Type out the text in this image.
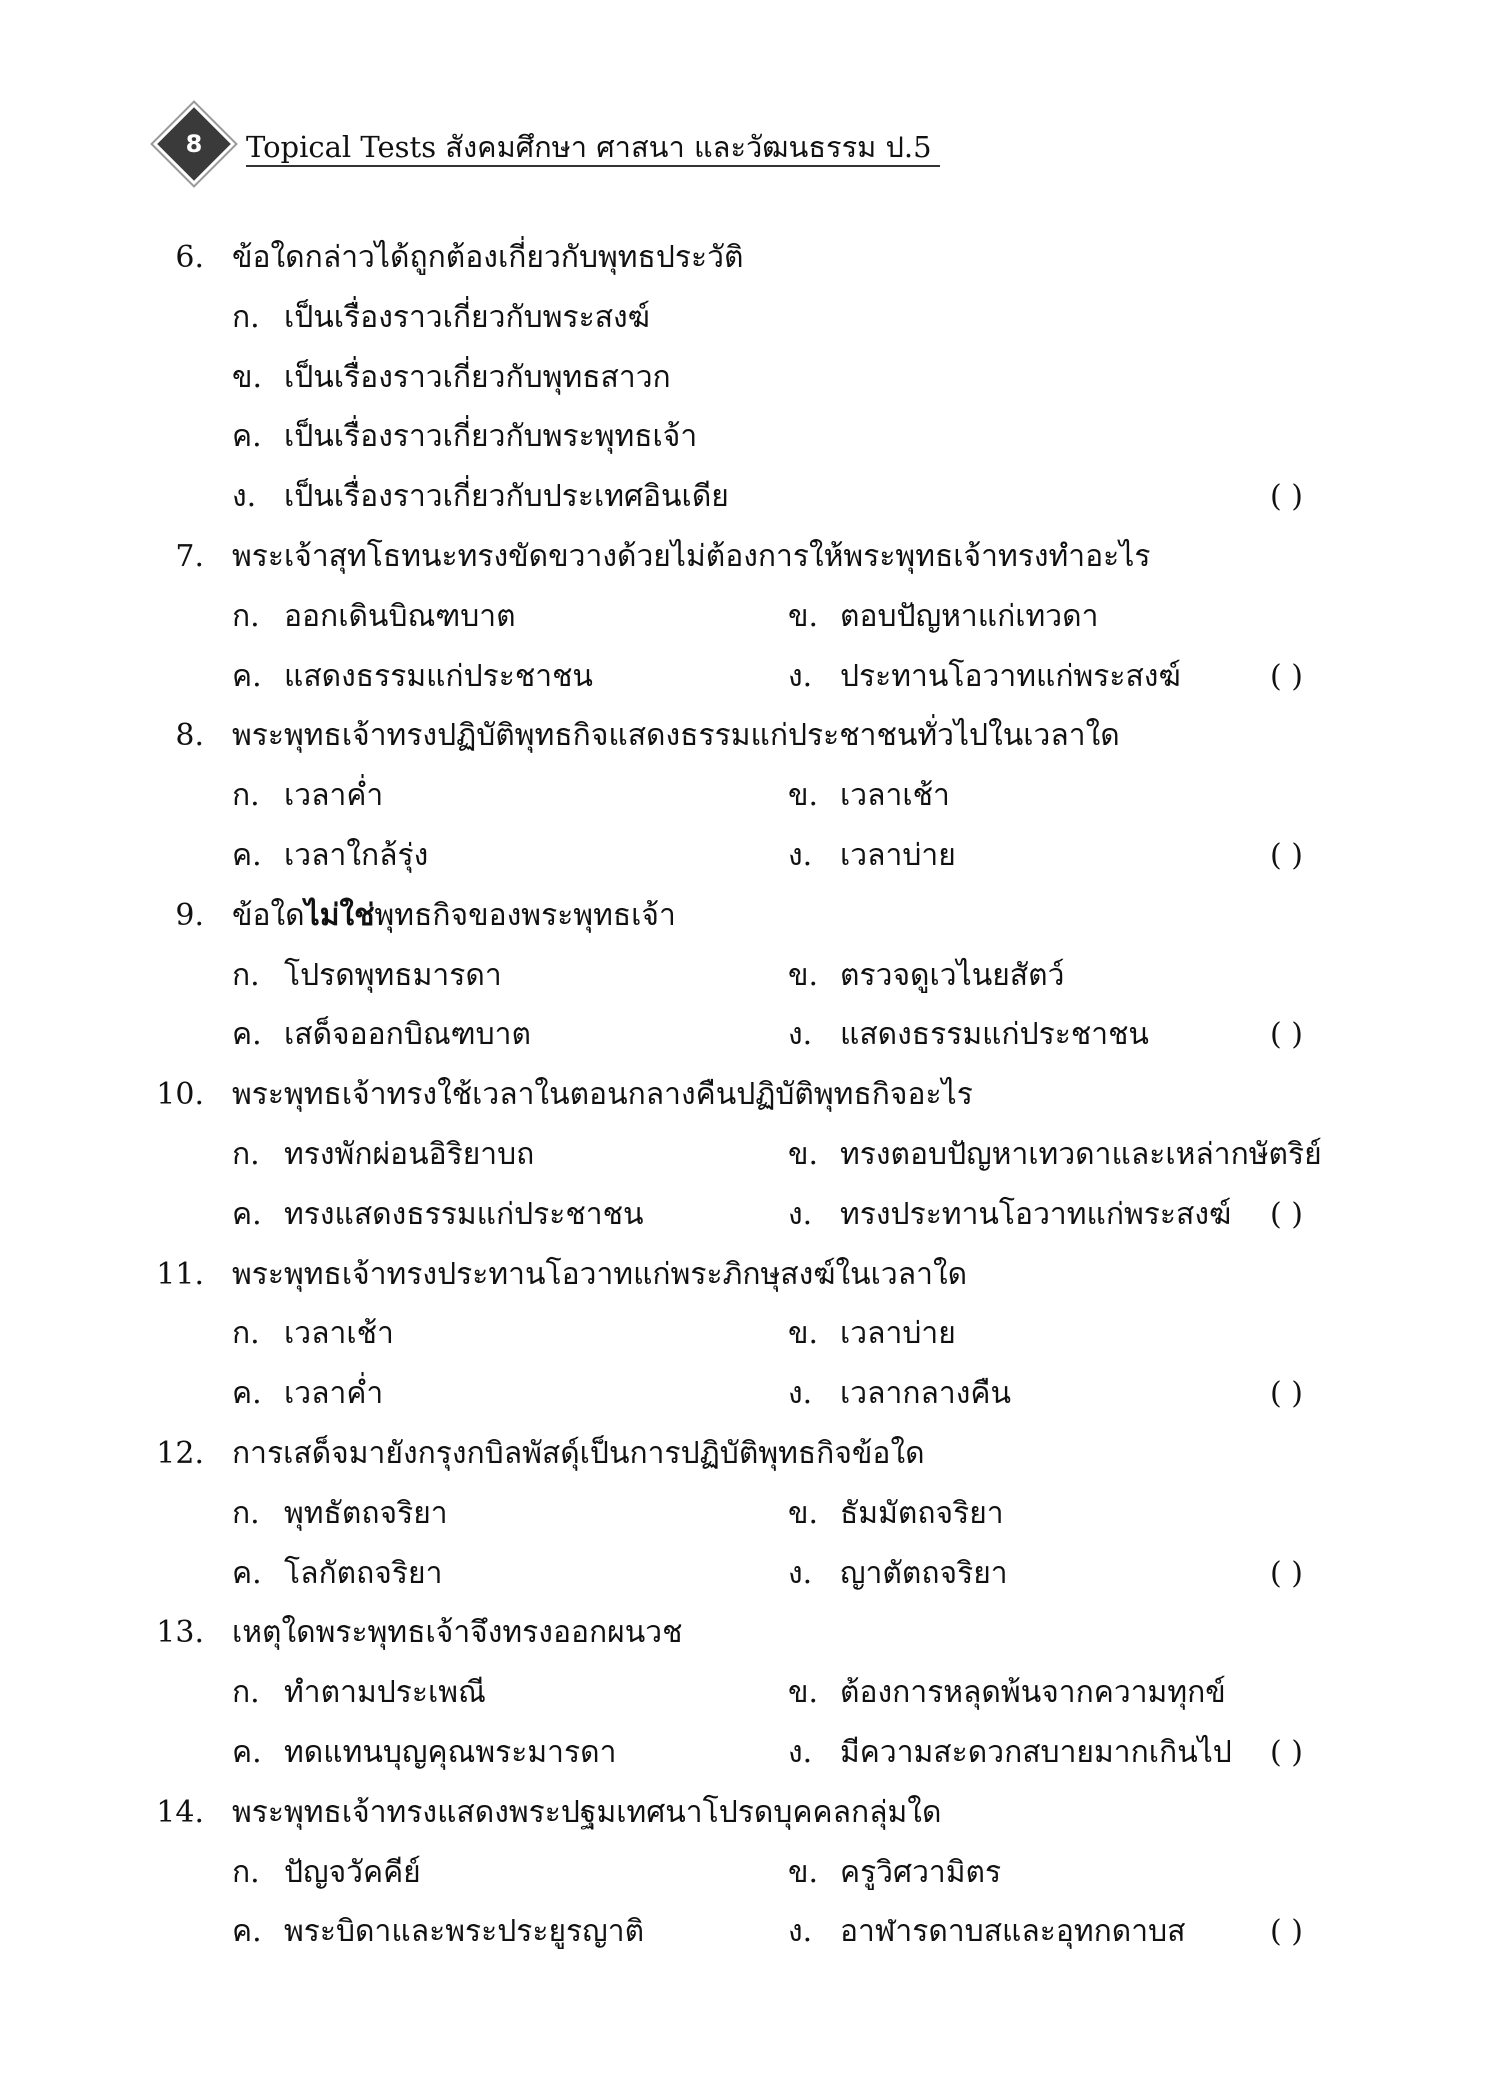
8	Topical Tests สังคมศึกษา ศาสนา และวัฒนธรรม ป.5
6. ข้อใดกล่าวได้ถูกต้องเกี่ยวกับพุทธประวัติ
ก. เป็นเรื่องราวเกี่ยวกับพระสงฆ์
ข. เป็นเรื่องราวเกี่ยวกับพุทธสาวก
ค. เป็นเรื่องราวเกี่ยวกับพระพุทธเจ้า
ง. เป็นเรื่องราวเกี่ยวกับประเทศอินเดีย	( )
7. พระเจ้าสุทโธทนะทรงขัดขวางด้วยไม่ต้องการให้พระพุทธเจ้าทรงทำอะไร
ก. ออกเดินบิณฑบาต	ข. ตอบปัญหาแก่เทวดา
ค. แสดงธรรมแก่ประชาชน	ง. ประทานโอวาทแก่พระสงฆ์	( )
8. พระพุทธเจ้าทรงปฏิบัติพุทธกิจแสดงธรรมแก่ประชาชนทั่วไปในเวลาใด
ก. เวลาค่ำ	ข. เวลาเช้า
ค. เวลาใกล้รุ่ง	ง. เวลาบ่าย	( )
9. ข้อใดไม่ใช่พุทธกิจของพระพุทธเจ้า
ก. โปรดพุทธมารดา	ข. ตรวจดูเวไนยสัตว์
ค. เสด็จออกบิณฑบาต	ง. แสดงธรรมแก่ประชาชน	( )
10. พระพุทธเจ้าทรงใช้เวลาในตอนกลางคืนปฏิบัติพุทธกิจอะไร
ก. ทรงพักผ่อนอิริยาบถ	ข. ทรงตอบปัญหาเทวดาและเหล่ากษัตริย์
ค. ทรงแสดงธรรมแก่ประชาชน	ง. ทรงประทานโอวาทแก่พระสงฆ์ ( )
11. พระพุทธเจ้าทรงประทานโอวาทแก่พระภิกษุสงฆ์ในเวลาใด
ก. เวลาเช้า	ข. เวลาบ่าย
ค. เวลาค่ำ	ง. เวลากลางคืน	( )
12. การเสด็จมายังกรุงกบิลพัสดุ์เป็นการปฏิบัติพุทธกิจข้อใด
ก. พุทธัตถจริยา	ข. ธัมมัตถจริยา
ค. โลกัตถจริยา	ง. ญาตัตถจริยา	( )
13. เหตุใดพระพุทธเจ้าจึงทรงออกผนวช
ก. ทำตามประเพณี	ข. ต้องการหลุดพ้นจากความทุกข์
ค. ทดแทนบุญคุณพระมารดา	ง. มีความสะดวกสบายมากเกินไป ( )
14. พระพุทธเจ้าทรงแสดงพระปฐมเทศนาโปรดบุคคลกลุ่มใด
ก. ปัญจวัคคีย์	ข. ครูวิศวามิตร
ค. พระบิดาและพระประยูรญาติ	ง. อาฬารดาบสและอุทกดาบส	( )
